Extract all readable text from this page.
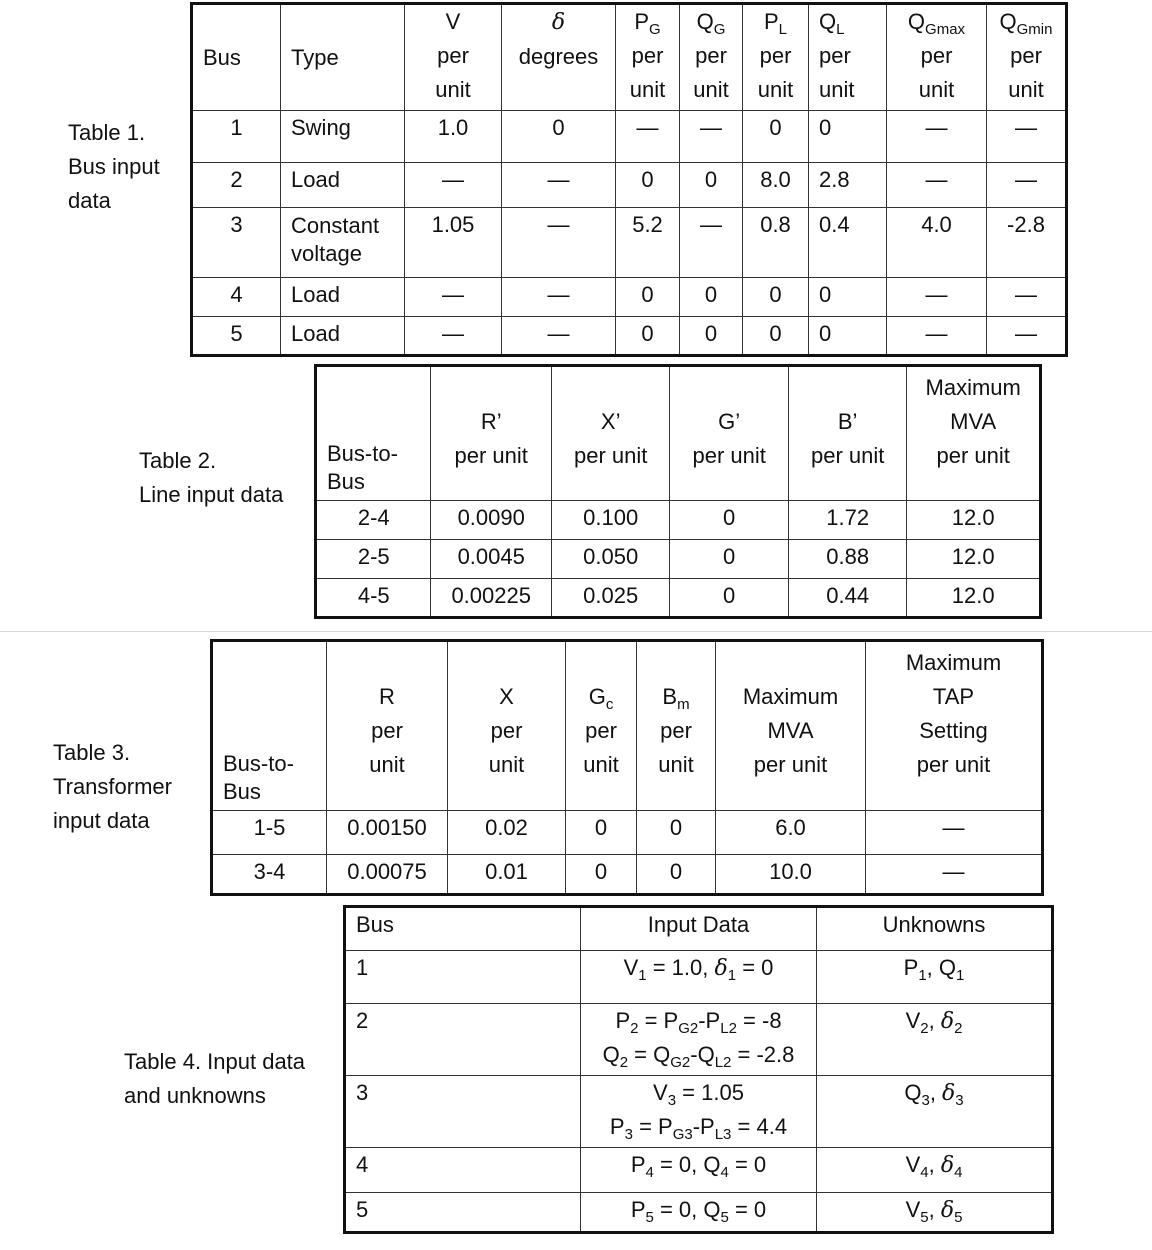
Table 1.
Bus input
data
Bus	Type	V
per
unit	δ
degrees	$P_G$
per
unit	$Q_G$
per
unit	$P_L$
per
unit	$Q_L$
per
unit	$Q_{Gmax}$
per
unit	$Q_{Gmin}$
per
unit
1	Swing	1.0	0	—	—	0	0	—	—
2	Load	—	—	0	0	8.0	2.8	—	—
3	Constant
voltage	1.05	—	5.2	—	0.8	0.4	4.0	-2.8
4	Load	—	—	0	0	0	0	—	—
5	Load	—	—	0	0	0	0	—	—
Table 2.
Line input data
Bus-to-
Bus	R’
per unit	X’
per unit	G’
per unit	B’
per unit	Maximum
MVA
per unit
2-4	0.0090	0.100	0	1.72	12.0
2-5	0.0045	0.050	0	0.88	12.0
4-5	0.00225	0.025	0	0.44	12.0
Table 3.
Transformer
input data
Bus-to-
Bus	R
per
unit	X
per
unit	$G_c$
per
unit	$B_m$
per
unit	Maximum
MVA
per unit	Maximum
TAP
Setting
per unit
1-5	0.00150	0.02	0	0	6.0	—
3-4	0.00075	0.01	0	0	10.0	—
Table 4. Input data
and unknowns
Bus	Input Data	Unknowns
1	$V_1 = 1.0$, $\delta_1 = 0$	$P_1$, $Q_1$
2	$P_2 = P_{G2}-P_{L2} = -8$
$Q_2 = Q_{G2}-Q_{L2} = -2.8$	$V_2$, $\delta_2$
3	$V_3 = 1.05$
$P_3 = P_{G3}-P_{L3} = 4.4$	$Q_3$, $\delta_3$
4	$P_4 = 0$, $Q_4 = 0$	$V_4$, $\delta_4$
5	$P_5 = 0$, $Q_5 = 0$	$V_5$, $\delta_5$
